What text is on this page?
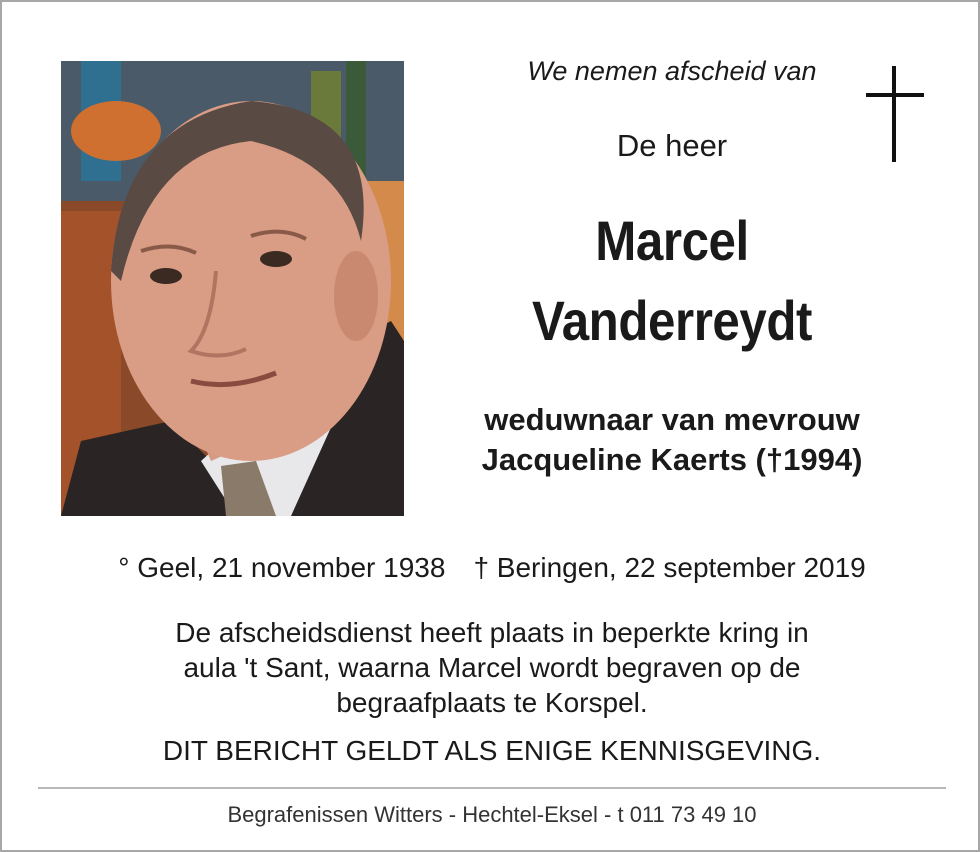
We nemen afscheid van
De heer
Marcel
Vanderreydt
weduwnaar van mevrouw
Jacqueline Kaerts (†1994)
° Geel, 21 november 1938 † Beringen, 22 september 2019
De afscheidsdienst heeft plaats in beperkte kring in
aula 't Sant, waarna Marcel wordt begraven op de
begraafplaats te Korspel.
DIT BERICHT GELDT ALS ENIGE KENNISGEVING.
Begrafenissen Witters - Hechtel-Eksel - t 011 73 49 10
